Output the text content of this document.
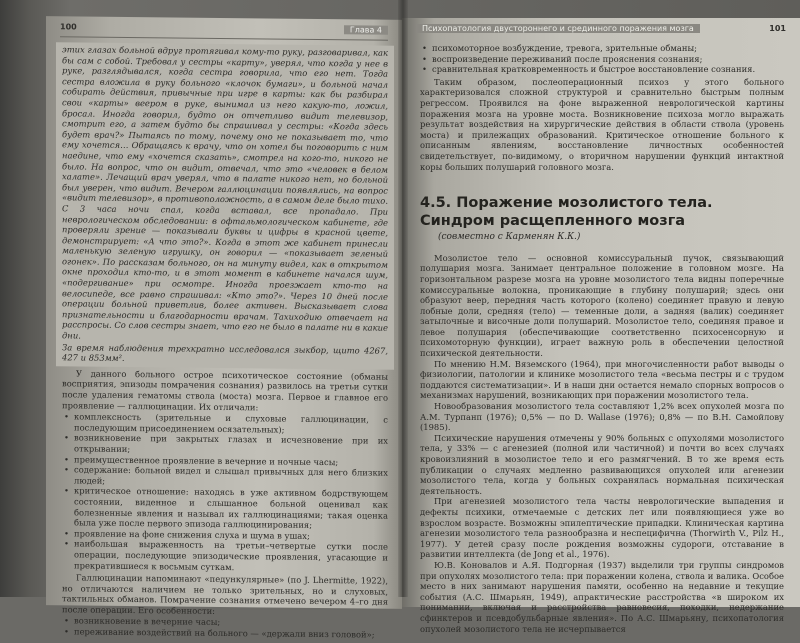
100	Глава 4

этих глазах больной вдруг протягивал кому-то руку, разговаривал, как бы сам с собой. Требовал у сестры «карту», уверял, что когда у нее в руке, разглядывался, когда сестра говорила, что его нет. Тогда сестра вложила в руку больного «клочок бумаги», и больной начал собирать действия, привычные при игре в карты: как бы разбирал свои «карты» веером в руке, вынимал из него какую-то, ложил, бросал. Иногда говорил, будто он отчетливо видит телевизор, смотрит его, а затем будто бы спрашивал у сестры: «Когда здесь будет врач?» Пытаясь по тому, почему оно не показывает то, что ему хочется… Обращаясь к врачу, что он хотел бы поговорить с ним наедине, что ему «хочется сказать», смотрел на кого-то, никого не было. На вопрос, что он видит, отвечал, что это «человек в белом халате». Лечащий врач уверял, что в палате никого нет, но больной был уверен, что видит. Вечером галлюцинации появлялись, на вопрос «видит телевизор», в противоположность, а в самом деле было тихо. С 3 часа ночи спал, когда вставал, все пропадало. При неврологическом обследовании: в офтальмологическом кабинете, где проверяли зрение — показывали буквы и цифры в красной цвете, демонстрирует: «А что это?». Когда в этот же кабинет принесли маленькую зеленую игрушку, он говорил — «показывает зеленый огонек». По рассказам больного, он на минуту видел, как в открытом окне проходил кто-то, и в этот момент в кабинете начался шум, «подергивание» при осмотре. Иногда проезжает кто-то на велосипеде, все равно спрашивал: «Кто это?». Через 10 дней после операции больной приветлив, более активен. Высказывает слова признательности и благодарности врачам. Тахиходию отвечает на расспросы. Со слов сестры знает, что его не было в палате ни в какие дни.

За время наблюдения трехкратно исследовался зыкбор, щито 4267, 427 и 853мм².

У данного больного острое психотическое состояние (обманы восприятия, эпизоды помрачения сознания) развилось на третьи сутки после удаления гематомы ствола (моста) мозга. Первое и главное его проявление — галлюцинации. Их отличали:

• комплексность (зрительные и слуховые галлюцинации, с последующим присоединением осязательных);
• возникновение при закрытых глазах и исчезновение при их открывании;
• преимущественное проявление в вечерние и ночные часы;
• содержание: больной видел и слышал привычных для него близких людей;
• критическое отношение: находясь в уже активном бодрствующем состоянии, виденное и слышанное больной оценивал как болезненные явления и называл их галлюцинациями; такая оценка была уже после первого эпизода галлюцинирования;
• проявление на фоне снижения слуха и шума в ушах;
• наибольшая выраженность на третьи–четвертые сутки после операции, последующие эпизодические проявления, угасающие и прекратившиеся к восьмым суткам.

Галлюцинации напоминают «педункулярные» (по J. Lhermitte, 1922), но отличаются наличием не только зрительных, но и слуховых, тактильных обманов. Помрачение сознания отмечено вечером 4–го дня после операции. Его особенности:

• возникновение в вечерние часы;
• переживание воздействий на больного — «держали вниз головой»;
Психопатология двустороннего и срединного поражения мозга	101
• психомоторное возбуждение, тревога, зрительные обманы;
• воспроизведение переживаний после прояснения сознания;
• сравнительная кратковременность и быстрое восстановление сознания.

Таким образом, послеоперационный психоз у этого больного характеризовался сложной структурой и сравнительно быстрым полным регрессом. Проявился на фоне выраженной неврологической картины поражения мозга на уровне моста. Возникновение психоза могло выражать результат воздействия на хирургические действия в области ствола (уровень моста) и прилежащих образований. Критическое отношение больного к описанным явлениям, восстановление личностных особенностей свидетельствует, по-видимому, о вторичном нарушении функций интактной коры больших полушарий головного мозга.

4.5. Поражение мозолистого тела.
Синдром расщепленного мозга
(совместно с Карменян К.К.)

Мозолистое тело — основной комиссуральный пучок, связывающий полушария мозга. Занимает центральное положение в головном мозге. На горизонтальном разрезе мозга на уровне мозолистого тела видны поперечные комиссуральные волокна, проникающие в глубину полушарий; здесь они образуют веер, передняя часть которого (колено) соединяет правую и левую лобные доли, средняя (тело) — теменные доли, а задняя (валик) соединяет затылочные и височные доли полушарий. Мозолистое тело, соединяя правое и левое полушария (обеспечивающие соответственно психосенсорную и психомоторную функции), играет важную роль в обеспечении целостной психической деятельности.

По мнению Н.М. Вяземского (1964), при многочисленности работ выводы о физиологии, патологии и клинике мозолистого тела «весьма пестры и с трудом поддаются систематизации». И в наши дни остается немало спорных вопросов о механизмах нарушений, возникающих при поражении мозолистого тела.

Новообразования мозолистого тела составляют 1,2% всех опухолей мозга по А.М. Турпанп (1976); 0,5% — по D. Wallase (1976); 0,8% — по В.Н. Самойлову (1985).

Психические нарушения отмечены у 90% больных с опухолями мозолистого тела, у 33% — с агенезией (полной или частичной) и почти во всех случаях кровоизлияний в мозолистое тело и его размягчений. В то же время есть публикации о случаях медленно развивающихся опухолей или агенезии мозолистого тела, когда у больных сохранялась нормальная психическая деятельность.

При агенезией мозолистого тела часты неврологические выпадения и дефекты психики, отмечаемые с детских лет или появляющиеся уже во взрослом возрасте. Возможны эпилептические припадки. Клиническая картина агенезии мозолистого тела разнообразна и неспецифична (Thorwirth V., Pilz H., 1977). У детей сразу после рождения возможны судороги, отставание в развитии интеллекта (de Jong et al., 1976).

Ю.В. Коновалов и А.Я. Подгорная (1937) выделили три группы синдромов при опухолях мозолистого тела: при поражении колена, ствола и валика. Особое место в них занимают нарушения памяти, особенно на недавние и текущие события (А.С. Шмарьян, 1949), апрактические расстройства «в широком их понимании, включая и расстройства равновесия, походки, недержание сфинктеров и псевдобульбарные явления». По А.С. Шмарьяну, психопатология опухолей мозолистого тела не исчерпывается
